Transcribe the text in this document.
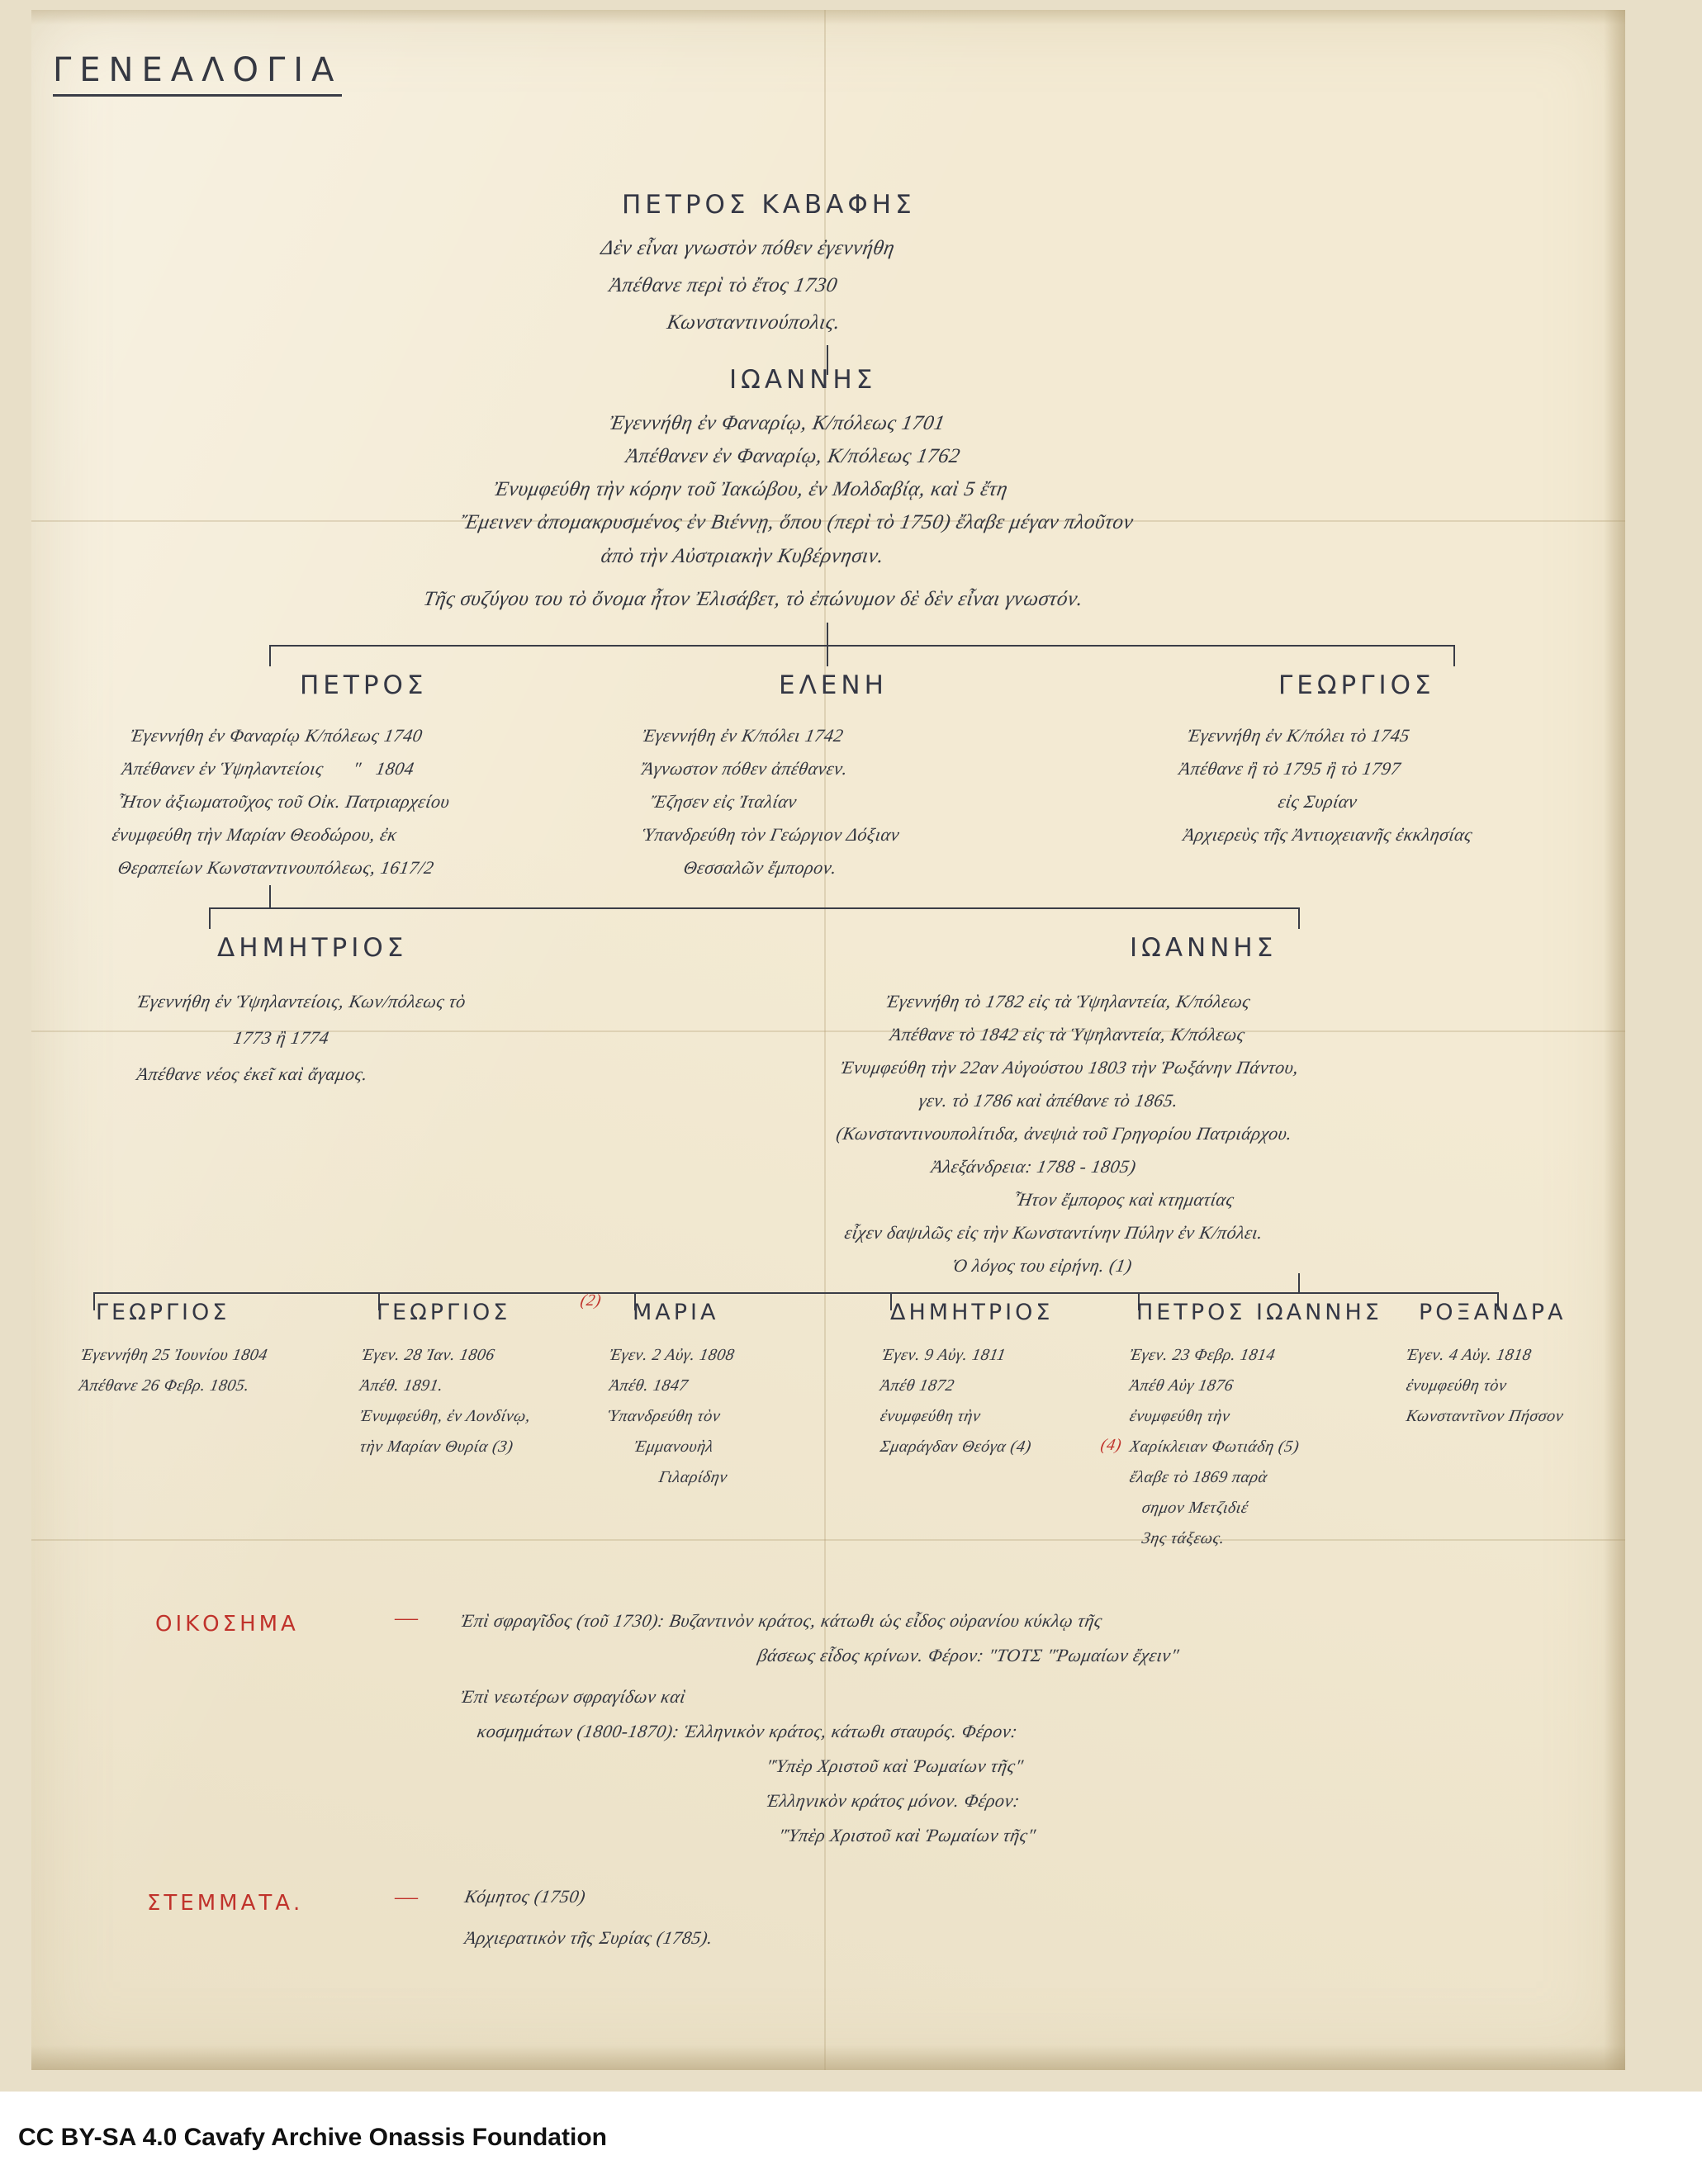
ΓΕΝΕΑΛΟΓΙΑ
ΠΕΤΡΟΣ ΚΑΒΑΦΗΣ
Δὲν εἶναι γνωστὸν πόθεν ἐγεννήθη
Ἀπέθανε περὶ τὸ ἔτος 1730
Κωνσταντινούπολις.
ΙΩΑΝΝΗΣ
Ἐγεννήθη ἐν Φαναρίῳ, Κ/πόλεως 1701
Ἀπέθανεν ἐν Φαναρίῳ, Κ/πόλεως 1762
Ἐνυμφεύθη τὴν κόρην τοῦ Ἰακώβου, ἐν Μολδαβίᾳ, καὶ 5 ἔτη
Ἔμεινεν ἀπομακρυσμένος ἐν Βιέννῃ, ὅπου (περὶ τὸ 1750) ἔλαβε μέγαν πλοῦτον
ἀπὸ τὴν Αὐστριακὴν Κυβέρνησιν.
Τῆς συζύγου του τὸ ὄνομα ἦτον Ἐλισάβετ, τὸ ἐπώνυμον δὲ δὲν εἶναι γνωστόν.
ΠΕΤΡΟΣ
Ἐγεννήθη ἐν Φαναρίῳ Κ/πόλεως 1740
Ἀπέθανεν ἐν Ὑψηλαντείοις      "   1804
Ἦτον ἀξιωματοῦχος τοῦ Οἰκ. Πατριαρχείου
ἐνυμφεύθη τὴν Μαρίαν Θεοδώρου, ἐκ
Θεραπείων Κωνσταντινουπόλεως, 1617/2
ΕΛΕΝΗ
Ἐγεννήθη ἐν Κ/πόλει 1742
Ἄγνωστον πόθεν ἀπέθανεν.
Ἔζησεν εἰς Ἰταλίαν
Ὑπανδρεύθη τὸν Γεώργιον Δόξιαν
Θεσσαλῶν ἔμπορον.
ΓΕΩΡΓΙΟΣ
Ἐγεννήθη ἐν Κ/πόλει τὸ 1745
Ἀπέθανε ἢ τὸ 1795 ἢ τὸ 1797
εἰς Συρίαν
Ἀρχιερεὺς τῆς Ἀντιοχειανῆς ἐκκλησίας
ΔΗΜΗΤΡΙΟΣ
Ἐγεννήθη ἐν Ὑψηλαντείοις, Κων/πόλεως τὸ
1773 ἢ 1774
Ἀπέθανε νέος ἐκεῖ καὶ ἄγαμος.
ΙΩΑΝΝΗΣ
Ἐγεννήθη τὸ 1782 εἰς τὰ Ὑψηλαντεία, Κ/πόλεως
Ἀπέθανε τὸ 1842 εἰς τὰ Ὑψηλαντεία, Κ/πόλεως
Ἐνυμφεύθη τὴν 22αν Αὐγούστου 1803 τὴν Ῥωξάνην Πάντου,
γεν. τὸ 1786 καὶ ἀπέθανε τὸ 1865.
(Κωνσταντινουπολίτιδα, ἀνεψιὰ τοῦ Γρηγορίου Πατριάρχου.
Ἀλεξάνδρεια: 1788 - 1805)
Ἦτον ἔμπορος καὶ κτηματίας
εἶχεν δαψιλῶς εἰς τὴν Κωνσταντίνην Πύλην ἐν Κ/πόλει.
Ὁ λόγος του εἰρήνη. (1)
ΓΕΩΡΓΙΟΣ
Ἐγεννήθη 25 Ἰουνίου 1804
Ἀπέθανε 26 Φεβρ. 1805.
ΓΕΩΡΓΙΟΣ	(2)
Ἐγεν. 28 Ἰαν. 1806
Ἀπέθ. 1891.
Ἐνυμφεύθη, ἐν Λονδίνῳ,
τὴν Μαρίαν Θυρία (3)
ΜΑΡΙΑ
Ἐγεν. 2 Αὐγ. 1808
Ἀπέθ. 1847
Ὑπανδρεύθη τὸν
Ἐμμανουὴλ
Γιλαρίδην
ΔΗΜΗΤΡΙΟΣ
Ἐγεν. 9 Αὐγ. 1811
Ἀπέθ 1872
ἐνυμφεύθη τὴν
Σμαράγδαν Θεόγα (4)	(4)
ΠΕΤΡΟΣ ΙΩΑΝΝΗΣ
Ἐγεν. 23 Φεβρ. 1814
Ἀπέθ Αὐγ 1876
ἐνυμφεύθη τὴν
Χαρίκλειαν Φωτιάδη (5)
ἔλαβε τὸ 1869 παρὰ
σημον Μετζιδιέ
3ης τάξεως.
ΡΟΞΑΝΔΡΑ
Ἐγεν. 4 Αὐγ. 1818
ἐνυμφεύθη τὸν
Κωνσταντῖνον Πήσσον
ΟΙΚΟΣΗΜΑ	— Ἐπὶ σφραγῖδος (τοῦ 1730): Βυζαντινὸν κράτος, κάτωθι ὡς εἶδος οὐρανίου κύκλῳ τῆς
βάσεως εἶδος κρίνων. Φέρον: "ΤΟΤΣ "Ῥωμαίων ἔχειν"
Ἐπὶ νεωτέρων σφραγίδων καὶ
κοσμημάτων (1800-1870): Ἑλληνικὸν κράτος, κάτωθι σταυρός. Φέρον:
"Ὑπὲρ Χριστοῦ καὶ Ῥωμαίων τῆς"
Ἑλληνικὸν κράτος μόνον. Φέρον:
"Ὑπὲρ Χριστοῦ καὶ Ῥωμαίων τῆς"
ΣΤΕΜΜΑΤΑ.	— Κόμητος (1750)
Ἀρχιερατικὸν τῆς Συρίας (1785).
CC BY-SA 4.0 Cavafy Archive Onassis Foundation
